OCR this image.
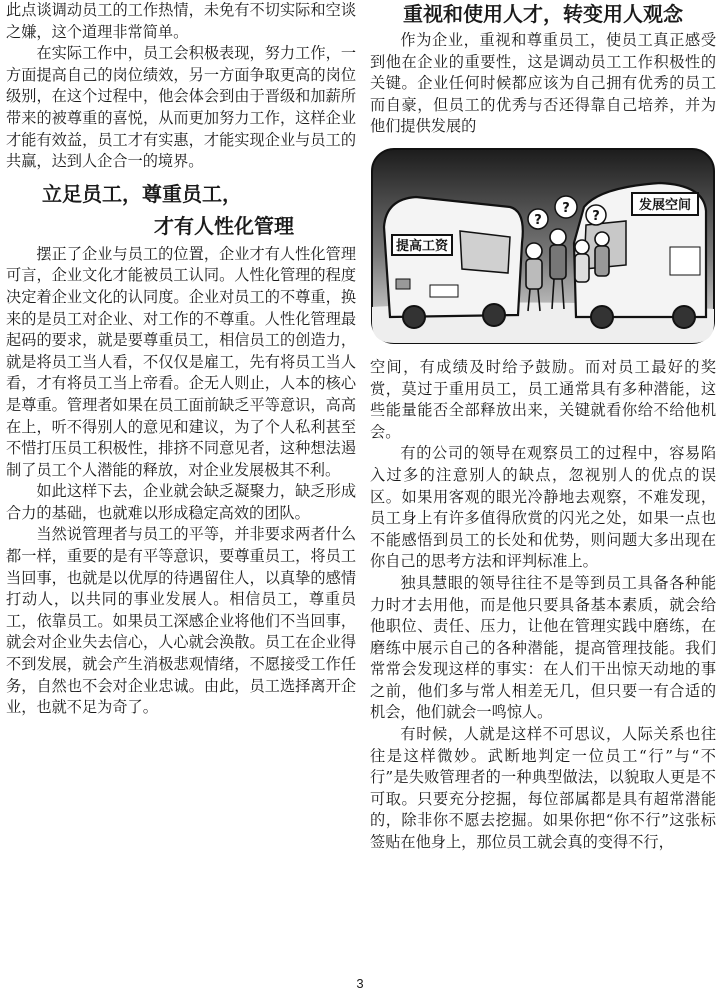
此点谈调动员工的工作热情，未免有不切实际和空谈之嫌，这个道理非常简单。

在实际工作中，员工会积极表现，努力工作，一方面提高自己的岗位绩效，另一方面争取更高的岗位级别，在这个过程中，他会体会到由于晋级和加薪所带来的被尊重的喜悦，从而更加努力工作，这样企业才能有效益，员工才有实惠，才能实现企业与员工的共赢，达到人企合一的境界。

立足员工，尊重员工，
才有人性化管理

摆正了企业与员工的位置，企业才有人性化管理可言，企业文化才能被员工认同。人性化管理的程度决定着企业文化的认同度。企业对员工的不尊重，换来的是员工对企业、对工作的不尊重。人性化管理最起码的要求，就是要尊重员工，相信员工的创造力，就是将员工当人看，不仅仅是雇工，先有将员工当人看，才有将员工当上帝看。企无人则止，人本的核心是尊重。管理者如果在员工面前缺乏平等意识，高高在上，听不得别人的意见和建议，为了个人私利甚至不惜打压员工积极性，排挤不同意见者，这种想法遏制了员工个人潜能的释放，对企业发展极其不利。

如此这样下去，企业就会缺乏凝聚力，缺乏形成合力的基础，也就难以形成稳定高效的团队。

当然说管理者与员工的平等，并非要求两者什么都一样，重要的是有平等意识，要尊重员工，将员工当回事，也就是以优厚的待遇留住人，以真挚的感情打动人，以共同的事业发展人。相信员工，尊重员工，依靠员工。如果员工深感企业将他们不当回事，就会对企业失去信心，人心就会涣散。员工在企业得不到发展，就会产生消极悲观情绪，不愿接受工作任务，自然也不会对企业忠诚。由此，员工选择离开企业，也就不足为奇了。

重视和使用人才，转变用人观念

作为企业，重视和尊重员工，使员工真正感受到他在企业的重要性，这是调动员工工作积极性的关键。企业任何时候都应该为自己拥有优秀的员工而自豪，但员工的优秀与否还得靠自己培养，并为他们提供发展的

提高工资
发展空间
?
?
?

空间，有成绩及时给予鼓励。而对员工最好的奖赏，莫过于重用员工，员工通常具有多种潜能，这些能量能否全部释放出来，关键就看你给不给他机会。

有的公司的领导在观察员工的过程中，容易陷入过多的注意别人的缺点，忽视别人的优点的误区。如果用客观的眼光冷静地去观察，不难发现，员工身上有许多值得欣赏的闪光之处，如果一点也不能感悟到员工的长处和优势，则问题大多出现在你自己的思考方法和评判标准上。

独具慧眼的领导往往不是等到员工具备各种能力时才去用他，而是他只要具备基本素质，就会给他职位、责任、压力，让他在管理实践中磨练，在磨练中展示自己的各种潜能，提高管理技能。我们常常会发现这样的事实：在人们干出惊天动地的事之前，他们多与常人相差无几，但只要一有合适的机会，他们就会一鸣惊人。

有时候，人就是这样不可思议，人际关系也往往是这样微妙。武断地判定一位员工“行”与“不行”是失败管理者的一种典型做法，以貌取人更是不可取。只要充分挖掘，每位部属都是具有超常潜能的，除非你不愿去挖掘。如果你把“你不行”这张标签贴在他身上，那位员工就会真的变得不行，

3
